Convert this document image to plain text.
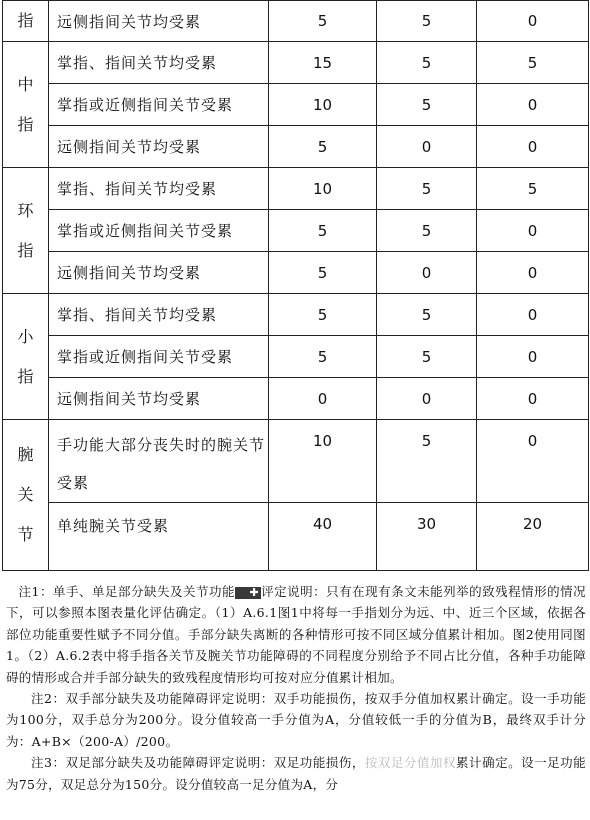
指	远侧指间关节均受累	5	5	0

中
指	掌指、指间关节均受累	15	5	5
	掌指或近侧指间关节受累	10	5	0
	远侧指间关节均受累	5	0	0

环
指	掌指、指间关节均受累	10	5	5
	掌指或近侧指间关节受累	5	5	0
	远侧指间关节均受累	5	0	0

小
指	掌指、指间关节均受累	5	5	0
	掌指或近侧指间关节受累	5	5	0
	远侧指间关节均受累	0	0	0

腕
关
节	手功能大部分丧失时的腕关节受累	10	5	0
	单纯腕关节受累	40	30	20

注1：单手、单足部分缺失及关节功能 ✚ 评定说明：只有在现有条文未能列举的致残程情形的情况下，可以参照本图表量化评估确定。（1）A.6.1图1中将每一手指划分为远、中、近三个区域，依据各部位功能重要性赋予不同分值。手部分缺失离断的各种情形可按不同区域分值累计相加。图2使用同图1。（2）A.6.2表中将手指各关节及腕关节功能障碍的不同程度分别给予不同占比分值，各种手功能障碍的情形或合并手部分缺失的致残程度情形均可按对应分值累计相加。

注2：双手部分缺失及功能障碍评定说明：双手功能损伤，按双手分值加权累计确定。设一手功能为100分，双手总分为200分。设分值较高一手分值为A，分值较低一手的分值为B，最终双手计分为：A+B×（200-A）/200。

注3：双足部分缺失及功能障碍评定说明：双足功能损伤，按双足分值加权累计确定。设一足功能为75分，双足总分为150分。设分值较高一足分值为A，分
